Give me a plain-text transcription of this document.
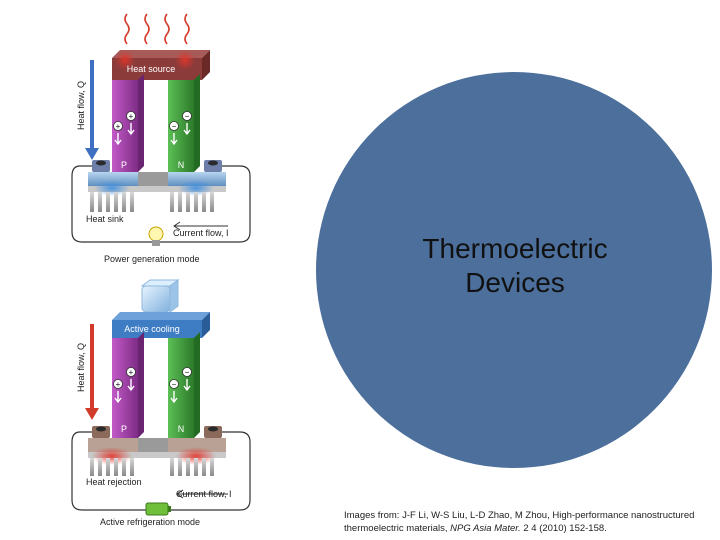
Heat source
+
+
−
−
P	N
Heat sink
Current flow, I
Power generation mode
Heat flow, Q
Active cooling
+
+
−
−
P	N
Heat rejection
Current flow, I
Active refrigeration mode
Heat flow, Q
Thermoelectric
Devices
Images from: J-F Li, W-S Liu, L-D Zhao, M Zhou, High-performance nanostructured
thermoelectric materials, NPG Asia Mater. 2 4 (2010) 152-158.
